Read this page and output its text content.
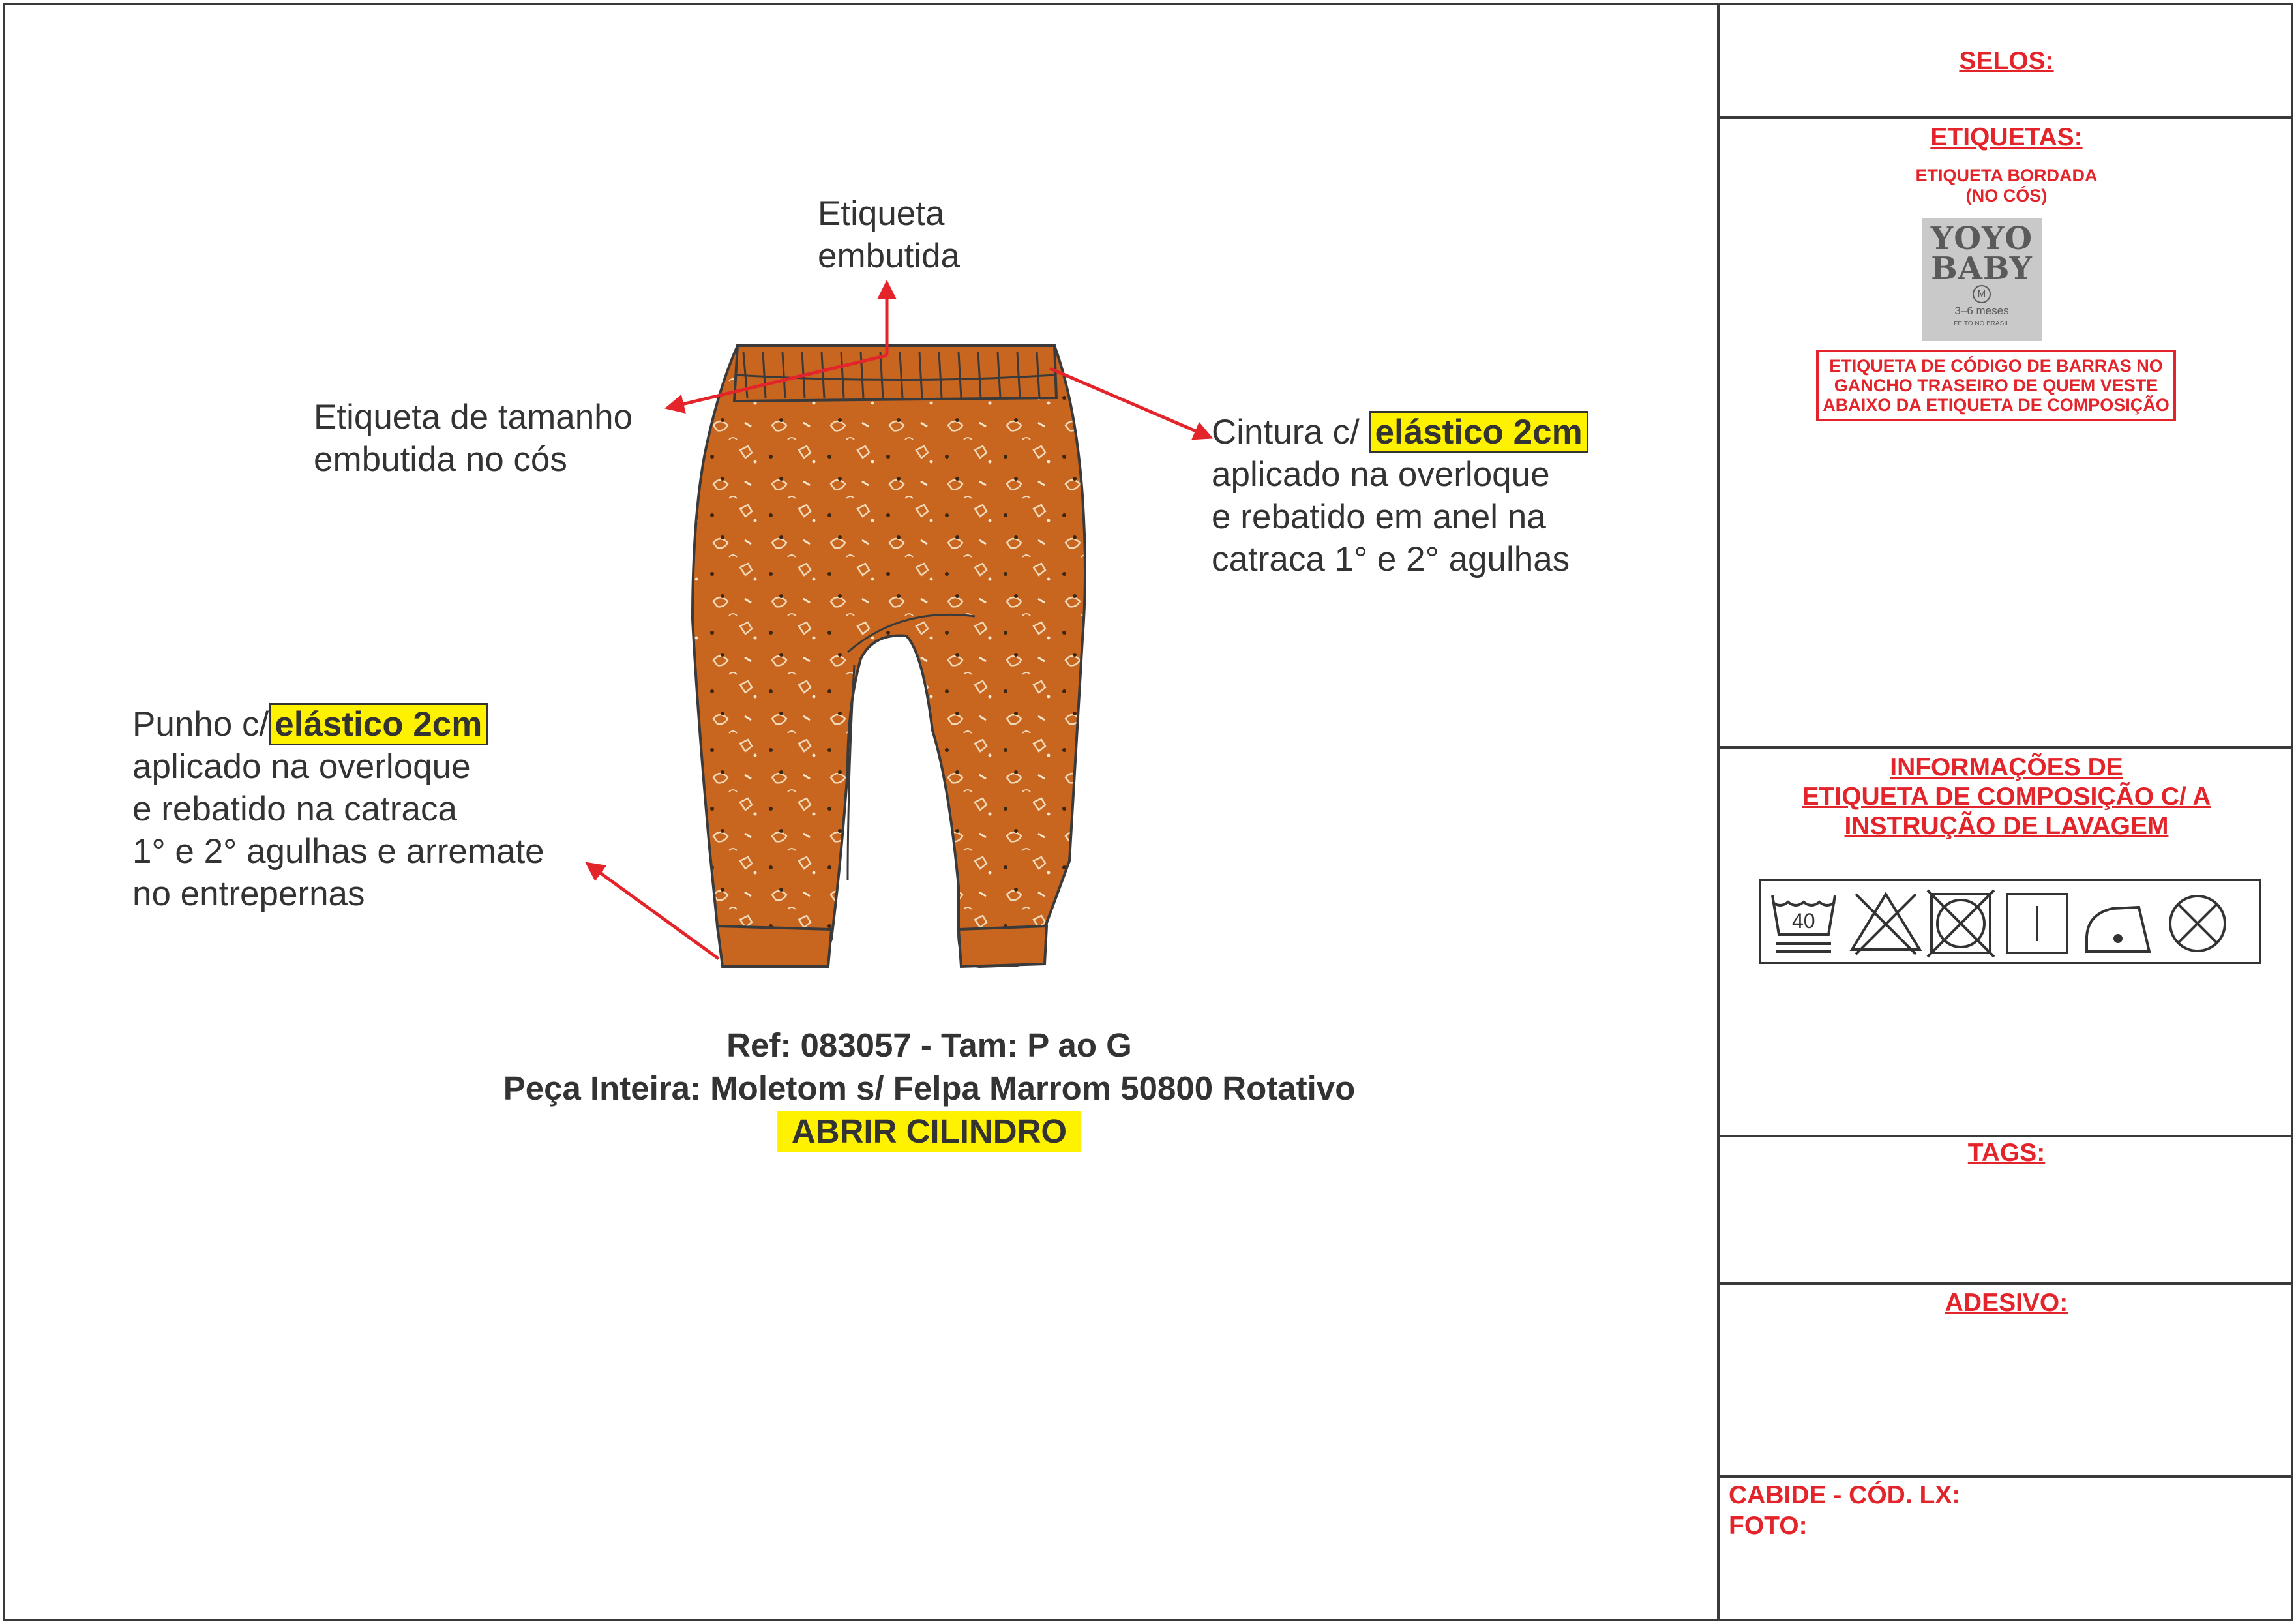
Etiqueta
embutida
Etiqueta de tamanho
embutida no cós
Cintura c/ elástico 2cm
aplicado na overloque
e rebatido em anel na
catraca 1° e 2° agulhas
Punho c/ elástico 2cm
aplicado na overloque
e rebatido na catraca
1° e 2° agulhas e arremate
no entrepernas
Ref: 083057 - Tam: P ao G
Peça Inteira: Moletom s/ Felpa Marrom 50800 Rotativo
ABRIR CILINDRO
SELOS:
ETIQUETAS:
ETIQUETA BORDADA
(NO CÓS)
YOYO
BABY
M
3–6 meses
FEITO NO BRASIL
ETIQUETA DE CÓDIGO DE BARRAS NO
GANCHO TRASEIRO DE QUEM VESTE
ABAIXO DA ETIQUETA DE COMPOSIÇÃO
INFORMAÇÕES DE
ETIQUETA DE COMPOSIÇÃO C/ A
INSTRUÇÃO DE LAVAGEM
40
TAGS:
ADESIVO:
CABIDE - CÓD. LX:
FOTO:
